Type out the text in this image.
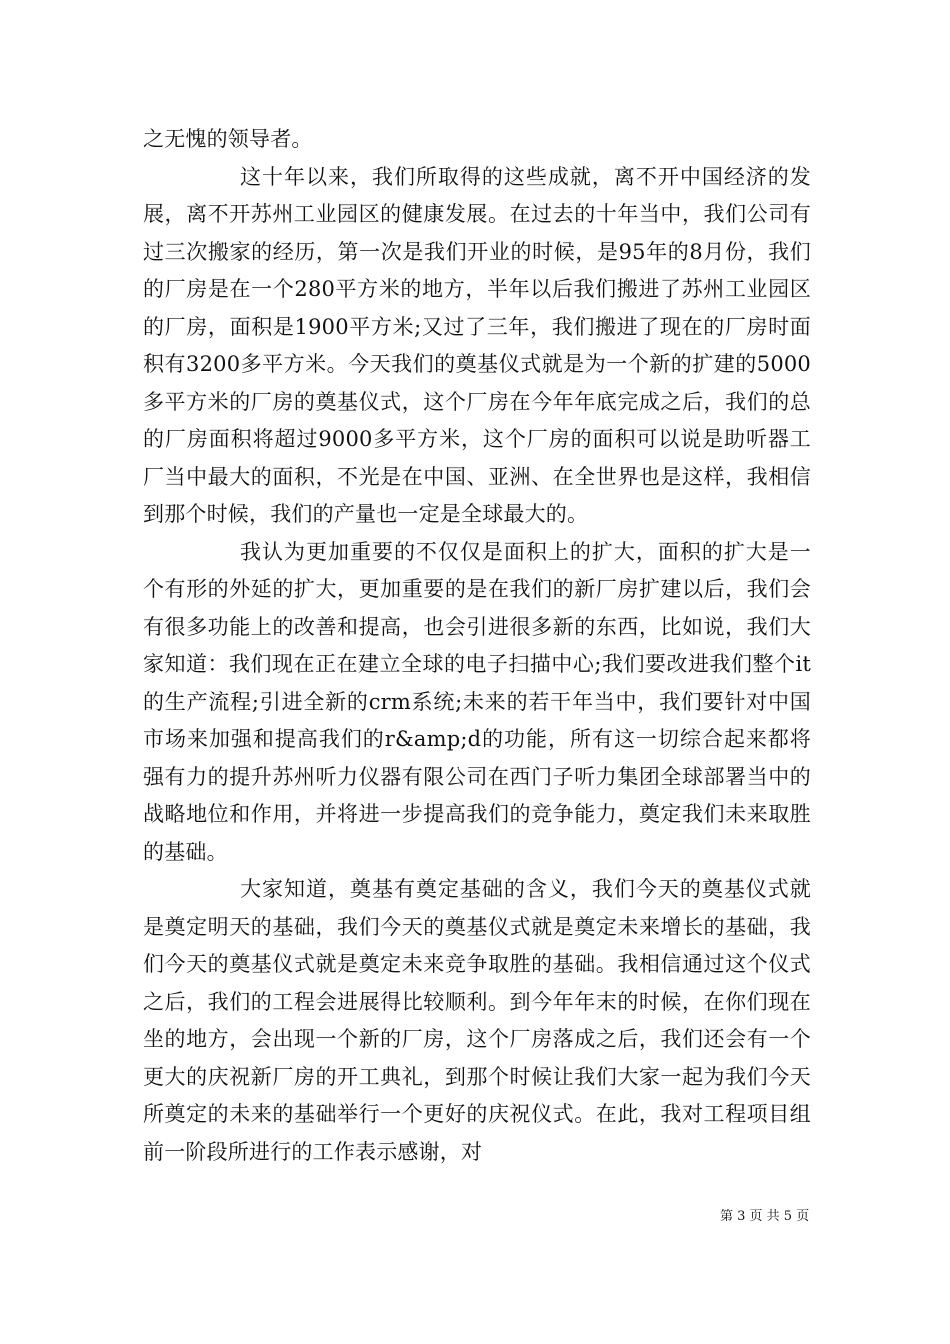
之无愧的领导者。

这十年以来，我们所取得的这些成就，离不开中国经济的发展，离不开苏州工业园区的健康发展。在过去的十年当中，我们公司有过三次搬家的经历，第一次是我们开业的时候，是95年的8月份，我们的厂房是在一个280平方米的地方，半年以后我们搬进了苏州工业园区的厂房，面积是1900平方米;又过了三年，我们搬进了现在的厂房时面积有3200多平方米。今天我们的奠基仪式就是为一个新的扩建的5000多平方米的厂房的奠基仪式，这个厂房在今年年底完成之后，我们的总的厂房面积将超过9000多平方米，这个厂房的面积可以说是助听器工厂当中最大的面积，不光是在中国、亚洲、在全世界也是这样，我相信到那个时候，我们的产量也一定是全球最大的。

我认为更加重要的不仅仅是面积上的扩大，面积的扩大是一个有形的外延的扩大，更加重要的是在我们的新厂房扩建以后，我们会有很多功能上的改善和提高，也会引进很多新的东西，比如说，我们大家知道：我们现在正在建立全球的电子扫描中心;我们要改进我们整个it的生产流程;引进全新的crm系统;未来的若干年当中，我们要针对中国市场来加强和提高我们的r&amp;d的功能，所有这一切综合起来都将强有力的提升苏州听力仪器有限公司在西门子听力集团全球部署当中的战略地位和作用，并将进一步提高我们的竞争能力，奠定我们未来取胜的基础。

大家知道，奠基有奠定基础的含义，我们今天的奠基仪式就是奠定明天的基础，我们今天的奠基仪式就是奠定未来增长的基础，我们今天的奠基仪式就是奠定未来竞争取胜的基础。我相信通过这个仪式之后，我们的工程会进展得比较顺利。到今年年末的时候，在你们现在坐的地方，会出现一个新的厂房，这个厂房落成之后，我们还会有一个更大的庆祝新厂房的开工典礼，到那个时候让我们大家一起为我们今天所奠定的未来的基础举行一个更好的庆祝仪式。在此，我对工程项目组前一阶段所进行的工作表示感谢，对

第 3 页 共 5 页
